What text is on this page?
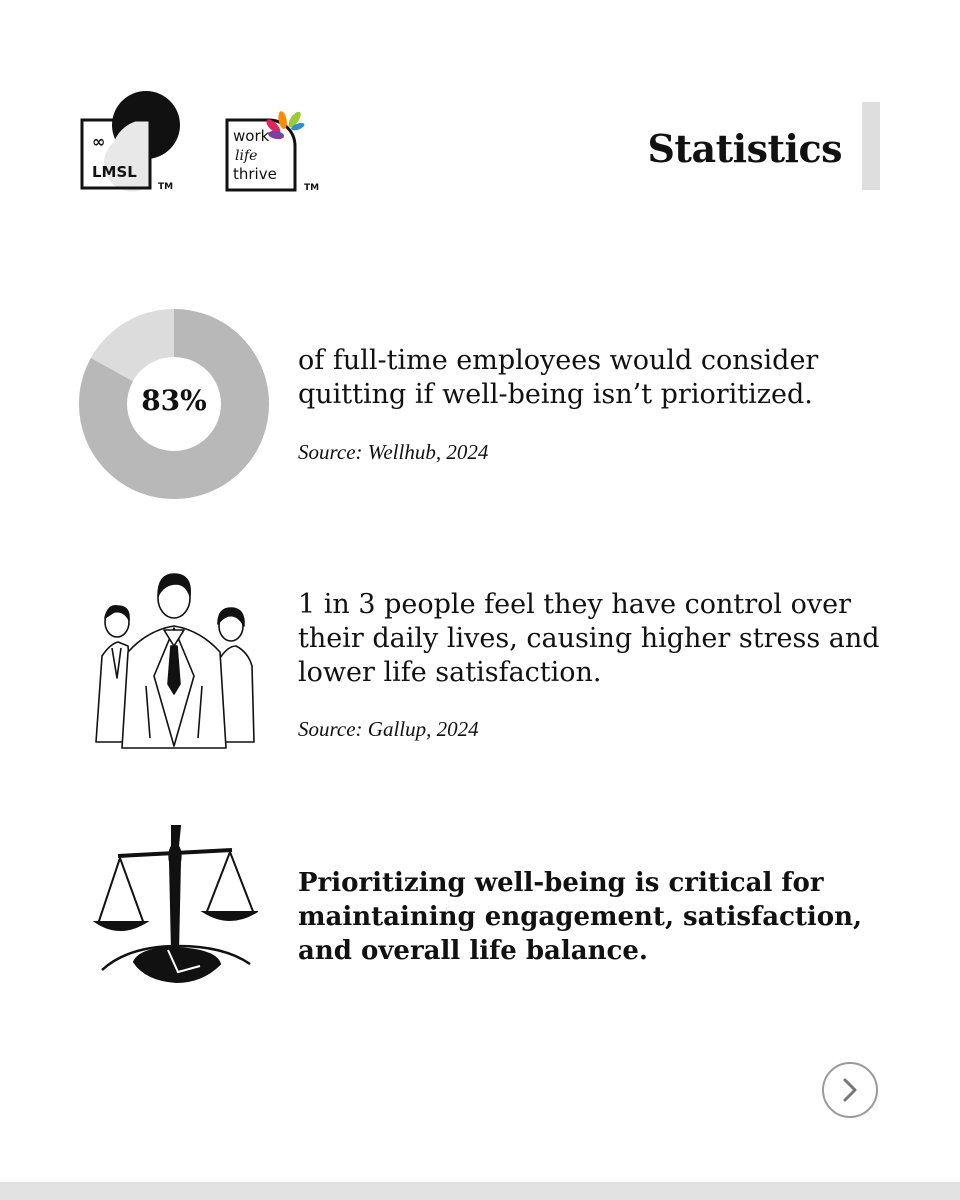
∞
LMSL
TM
work
life
thrive
TM
Statistics
83%

of full-time employees would consider quitting if well-being isn’t prioritized.

Source: Wellhub, 2024

1 in 3 people feel they have control over their daily lives, causing higher stress and lower life satisfaction.

Source: Gallup, 2024

Prioritizing well-being is critical for maintaining engagement, satisfaction, and overall life balance.
